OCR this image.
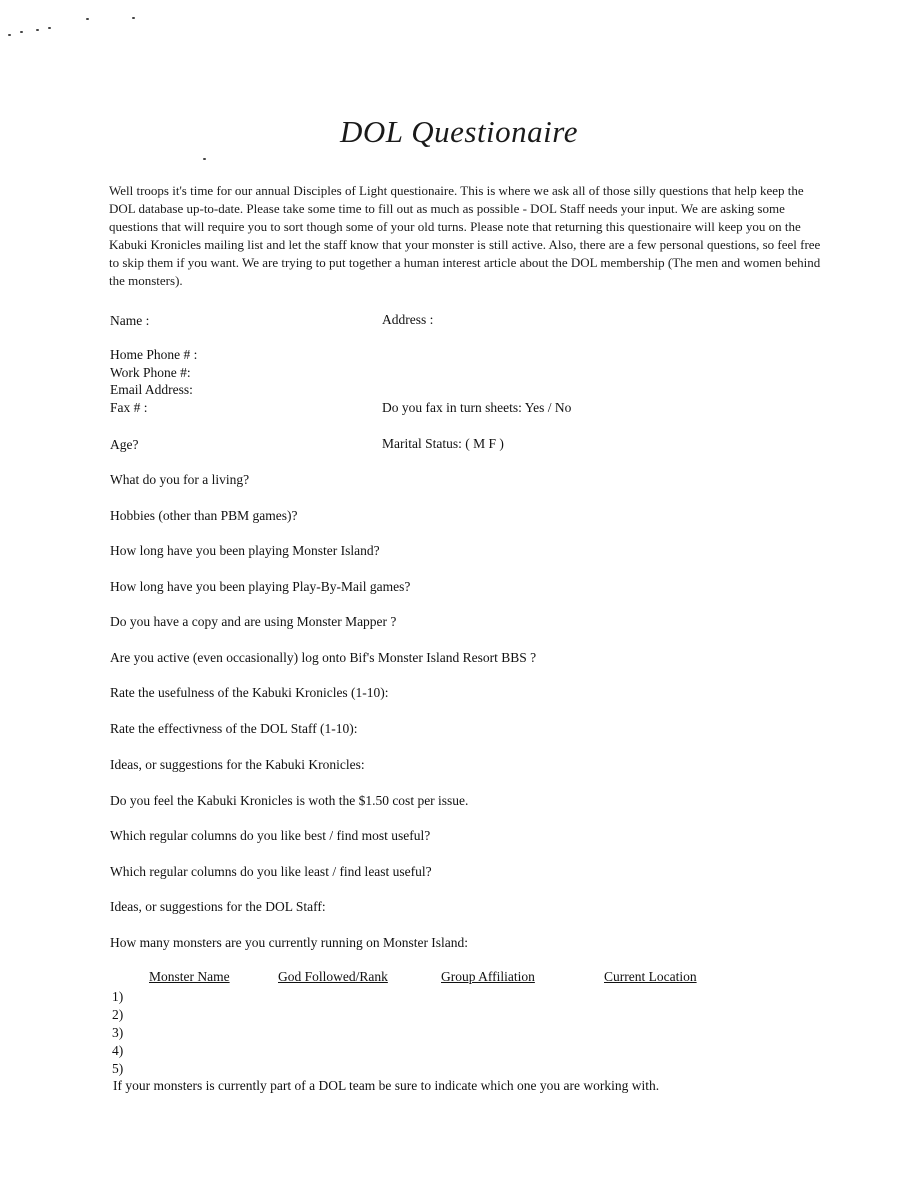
DOL Questionaire
Well troops it's time for our annual Disciples of Light questionaire. This is where we ask all of those silly questions that help keep the DOL database up-to-date. Please take some time to fill out as much as possible - DOL Staff needs your input. We are asking some questions that will require you to sort though some of your old turns. Please note that returning this questionaire will keep you on the Kabuki Kronicles mailing list and let the staff know that your monster is still active. Also, there are a few personal questions, so feel free to skip them if you want. We are trying to put together a human interest article about the DOL membership (The men and women behind the monsters).
Name :	Address :
Home Phone # :
Work Phone #:
Email Address:
Fax # :	Do you fax in turn sheets: Yes / No
Age?	Marital Status: ( M F )
What do you for a living?
Hobbies (other than PBM games)?
How long have you been playing Monster Island?
How long have you been playing Play-By-Mail games?
Do you have a copy and are using Monster Mapper ?
Are you active (even occasionally) log onto Bif's Monster Island Resort BBS ?
Rate the usefulness of the Kabuki Kronicles (1-10):
Rate the effectivness of the DOL Staff (1-10):
Ideas, or suggestions for the Kabuki Kronicles:
Do you feel the Kabuki Kronicles is woth the $1.50 cost per issue.
Which regular columns do you like best / find most useful?
Which regular columns do you like least / find least useful?
Ideas, or suggestions for the DOL Staff:
How many monsters are you currently running on Monster Island:
Monster Name	God Followed/Rank	Group Affiliation	Current Location
1)
2)
3)
4)
5)
If your monsters is currently part of a DOL team be sure to indicate which one you are working with.
